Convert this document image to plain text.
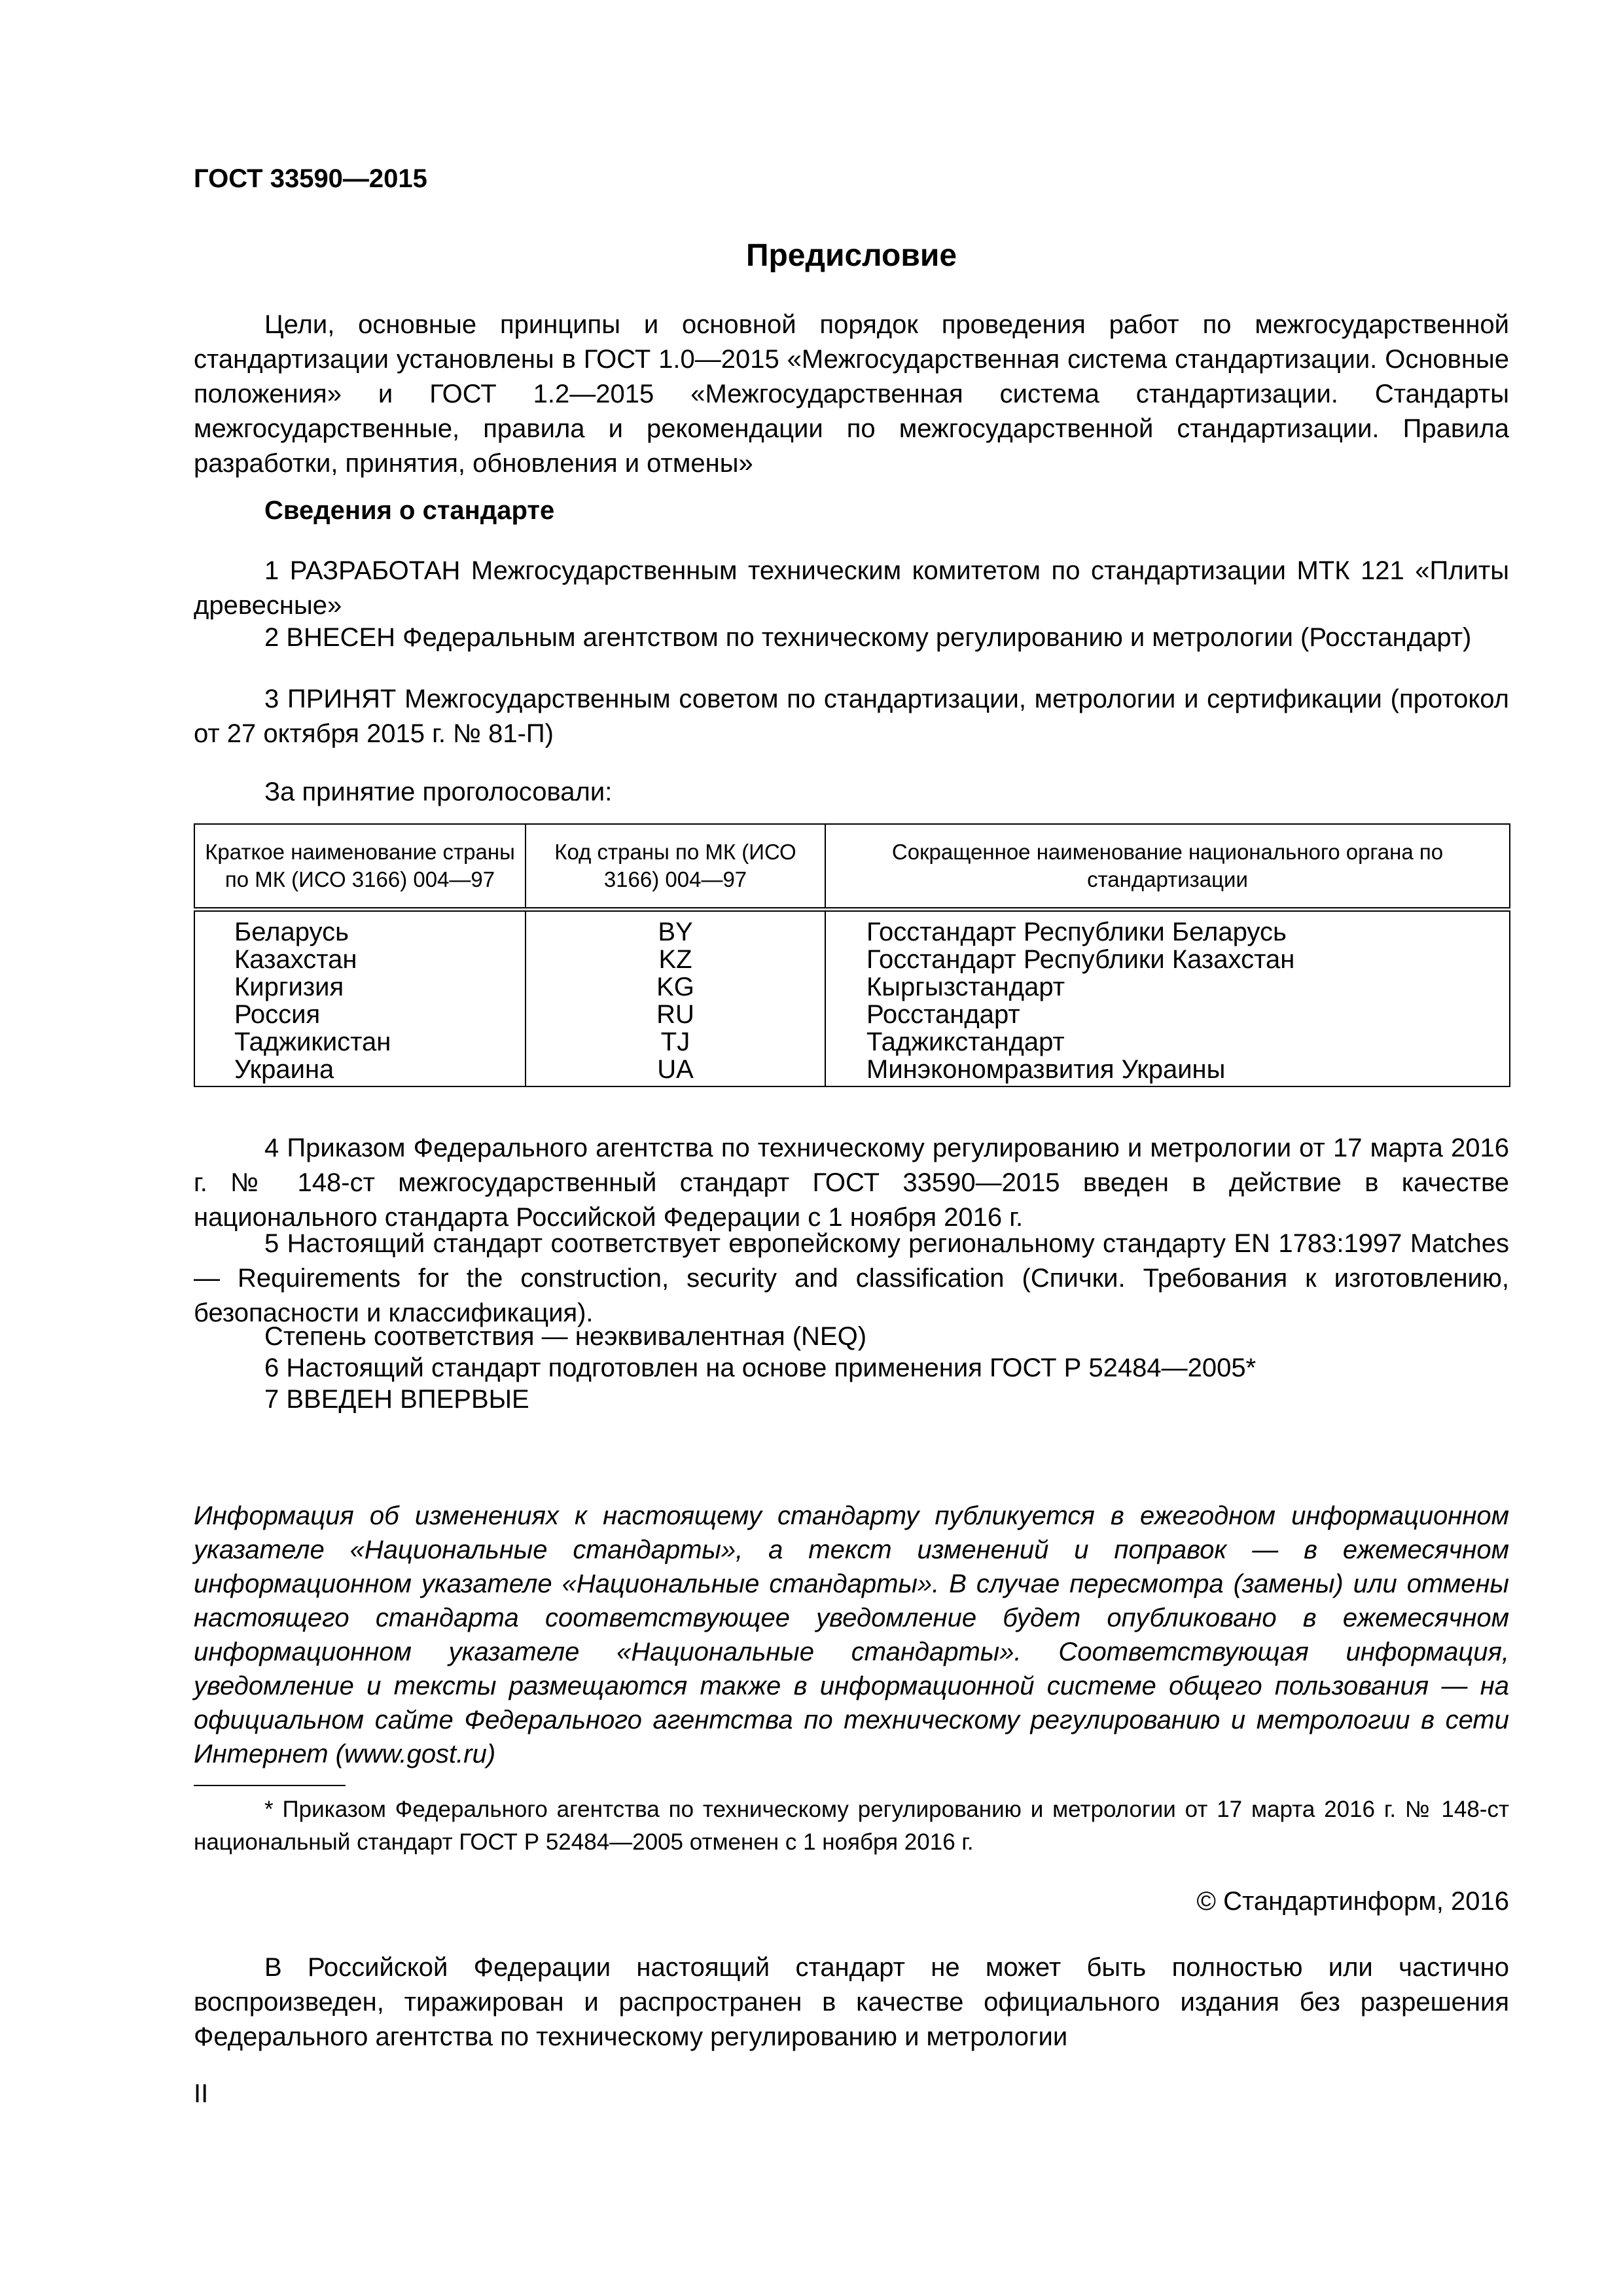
ГОСТ 33590—2015
Предисловие
Цели, основные принципы и основной порядок проведения работ по межгосударственной стандартизации установлены в ГОСТ 1.0—2015 «Межгосударственная система стандартизации. Основные положения» и ГОСТ 1.2—2015 «Межгосударственная система стандартизации. Стандарты межгосударственные, правила и рекомендации по межгосударственной стандартизации. Правила разработки, принятия, обновления и отмены»
Сведения о стандарте
1 РАЗРАБОТАН Межгосударственным техническим комитетом по стандартизации МТК 121 «Плиты древесные»
2 ВНЕСЕН Федеральным агентством по техническому регулированию и метрологии (Росстандарт)
3 ПРИНЯТ Межгосударственным советом по стандартизации, метрологии и сертификации (протокол от 27 октября 2015 г. № 81-П)
За принятие проголосовали:
Краткое наименование страны по МК (ИСО 3166) 004—97	Код страны по МК (ИСО 3166) 004—97	Сокращенное наименование национального органа по стандартизации
Беларусь	BY	Госстандарт Республики Беларусь
Казахстан	KZ	Госстандарт Республики Казахстан
Киргизия	KG	Кыргызстандарт
Россия	RU	Росстандарт
Таджикистан	TJ	Таджикстандарт
Украина	UA	Минэкономразвития Украины
4 Приказом Федерального агентства по техническому регулированию и метрологии от 17 марта 2016 г. № 148-ст межгосударственный стандарт ГОСТ 33590—2015 введен в действие в качестве национального стандарта Российской Федерации с 1 ноября 2016 г.
5 Настоящий стандарт соответствует европейскому региональному стандарту EN 1783:1997 Matches — Requirements for the construction, security and classification (Спички. Требования к изготовлению, безопасности и классификация).
Степень соответствия — неэквивалентная (NEQ)
6 Настоящий стандарт подготовлен на основе применения ГОСТ Р 52484—2005*
7 ВВЕДЕН ВПЕРВЫЕ
Информация об изменениях к настоящему стандарту публикуется в ежегодном информационном указателе «Национальные стандарты», а текст изменений и поправок — в ежемесячном информационном указателе «Национальные стандарты». В случае пересмотра (замены) или отмены настоящего стандарта соответствующее уведомление будет опубликовано в ежемесячном информационном указателе «Национальные стандарты». Соответствующая информация, уведомление и тексты размещаются также в информационной системе общего пользования — на официальном сайте Федерального агентства по техническому регулированию и метрологии в сети Интернет (www.gost.ru)
* Приказом Федерального агентства по техническому регулированию и метрологии от 17 марта 2016 г. № 148-ст национальный стандарт ГОСТ Р 52484—2005 отменен с 1 ноября 2016 г.
© Стандартинформ, 2016
В Российской Федерации настоящий стандарт не может быть полностью или частично воспроизведен, тиражирован и распространен в качестве официального издания без разрешения Федерального агентства по техническому регулированию и метрологии
II
